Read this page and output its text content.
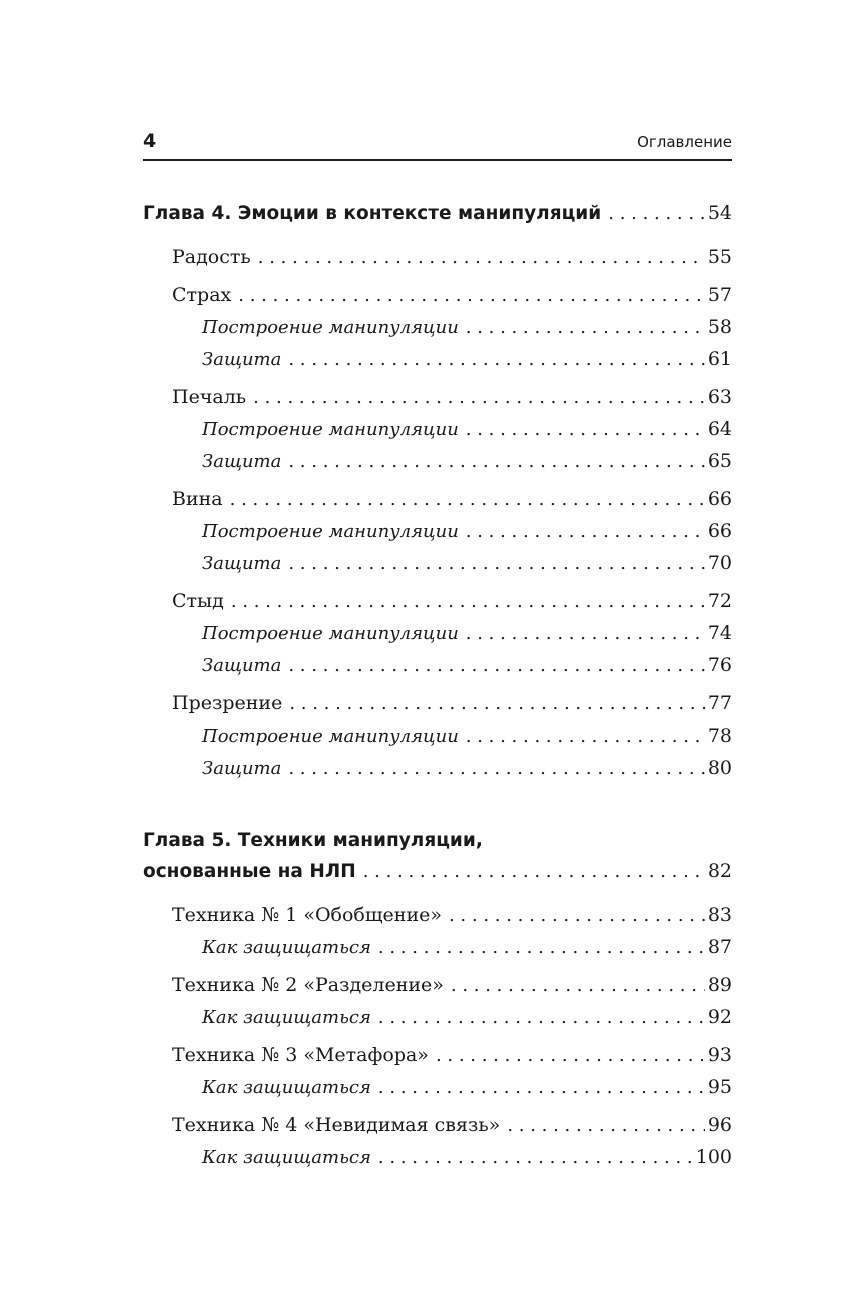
4	Оглавление
Глава 4. Эмоции в контексте манипуляций . . .	54
Радость . . .	55
Страх . . .	57
Построение манипуляции . . .	58
Защита . . .	61
Печаль . . .	63
Построение манипуляции . . .	64
Защита . . .	65
Вина . . .	66
Построение манипуляции . . .	66
Защита . . .	70
Стыд . . .	72
Построение манипуляции . . .	74
Защита . . .	76
Презрение . . .	77
Построение манипуляции . . .	78
Защита . . .	80
Глава 5. Техники манипуляции,
основанные на НЛП . . .	82
Техника № 1 «Обобщение» . . .	83
Как защищаться . . .	87
Техника № 2 «Разделение» . . .	89
Как защищаться . . .	92
Техника № 3 «Метафора» . . .	93
Как защищаться . . .	95
Техника № 4 «Невидимая связь» . . .	96
Как защищаться . . .	100
